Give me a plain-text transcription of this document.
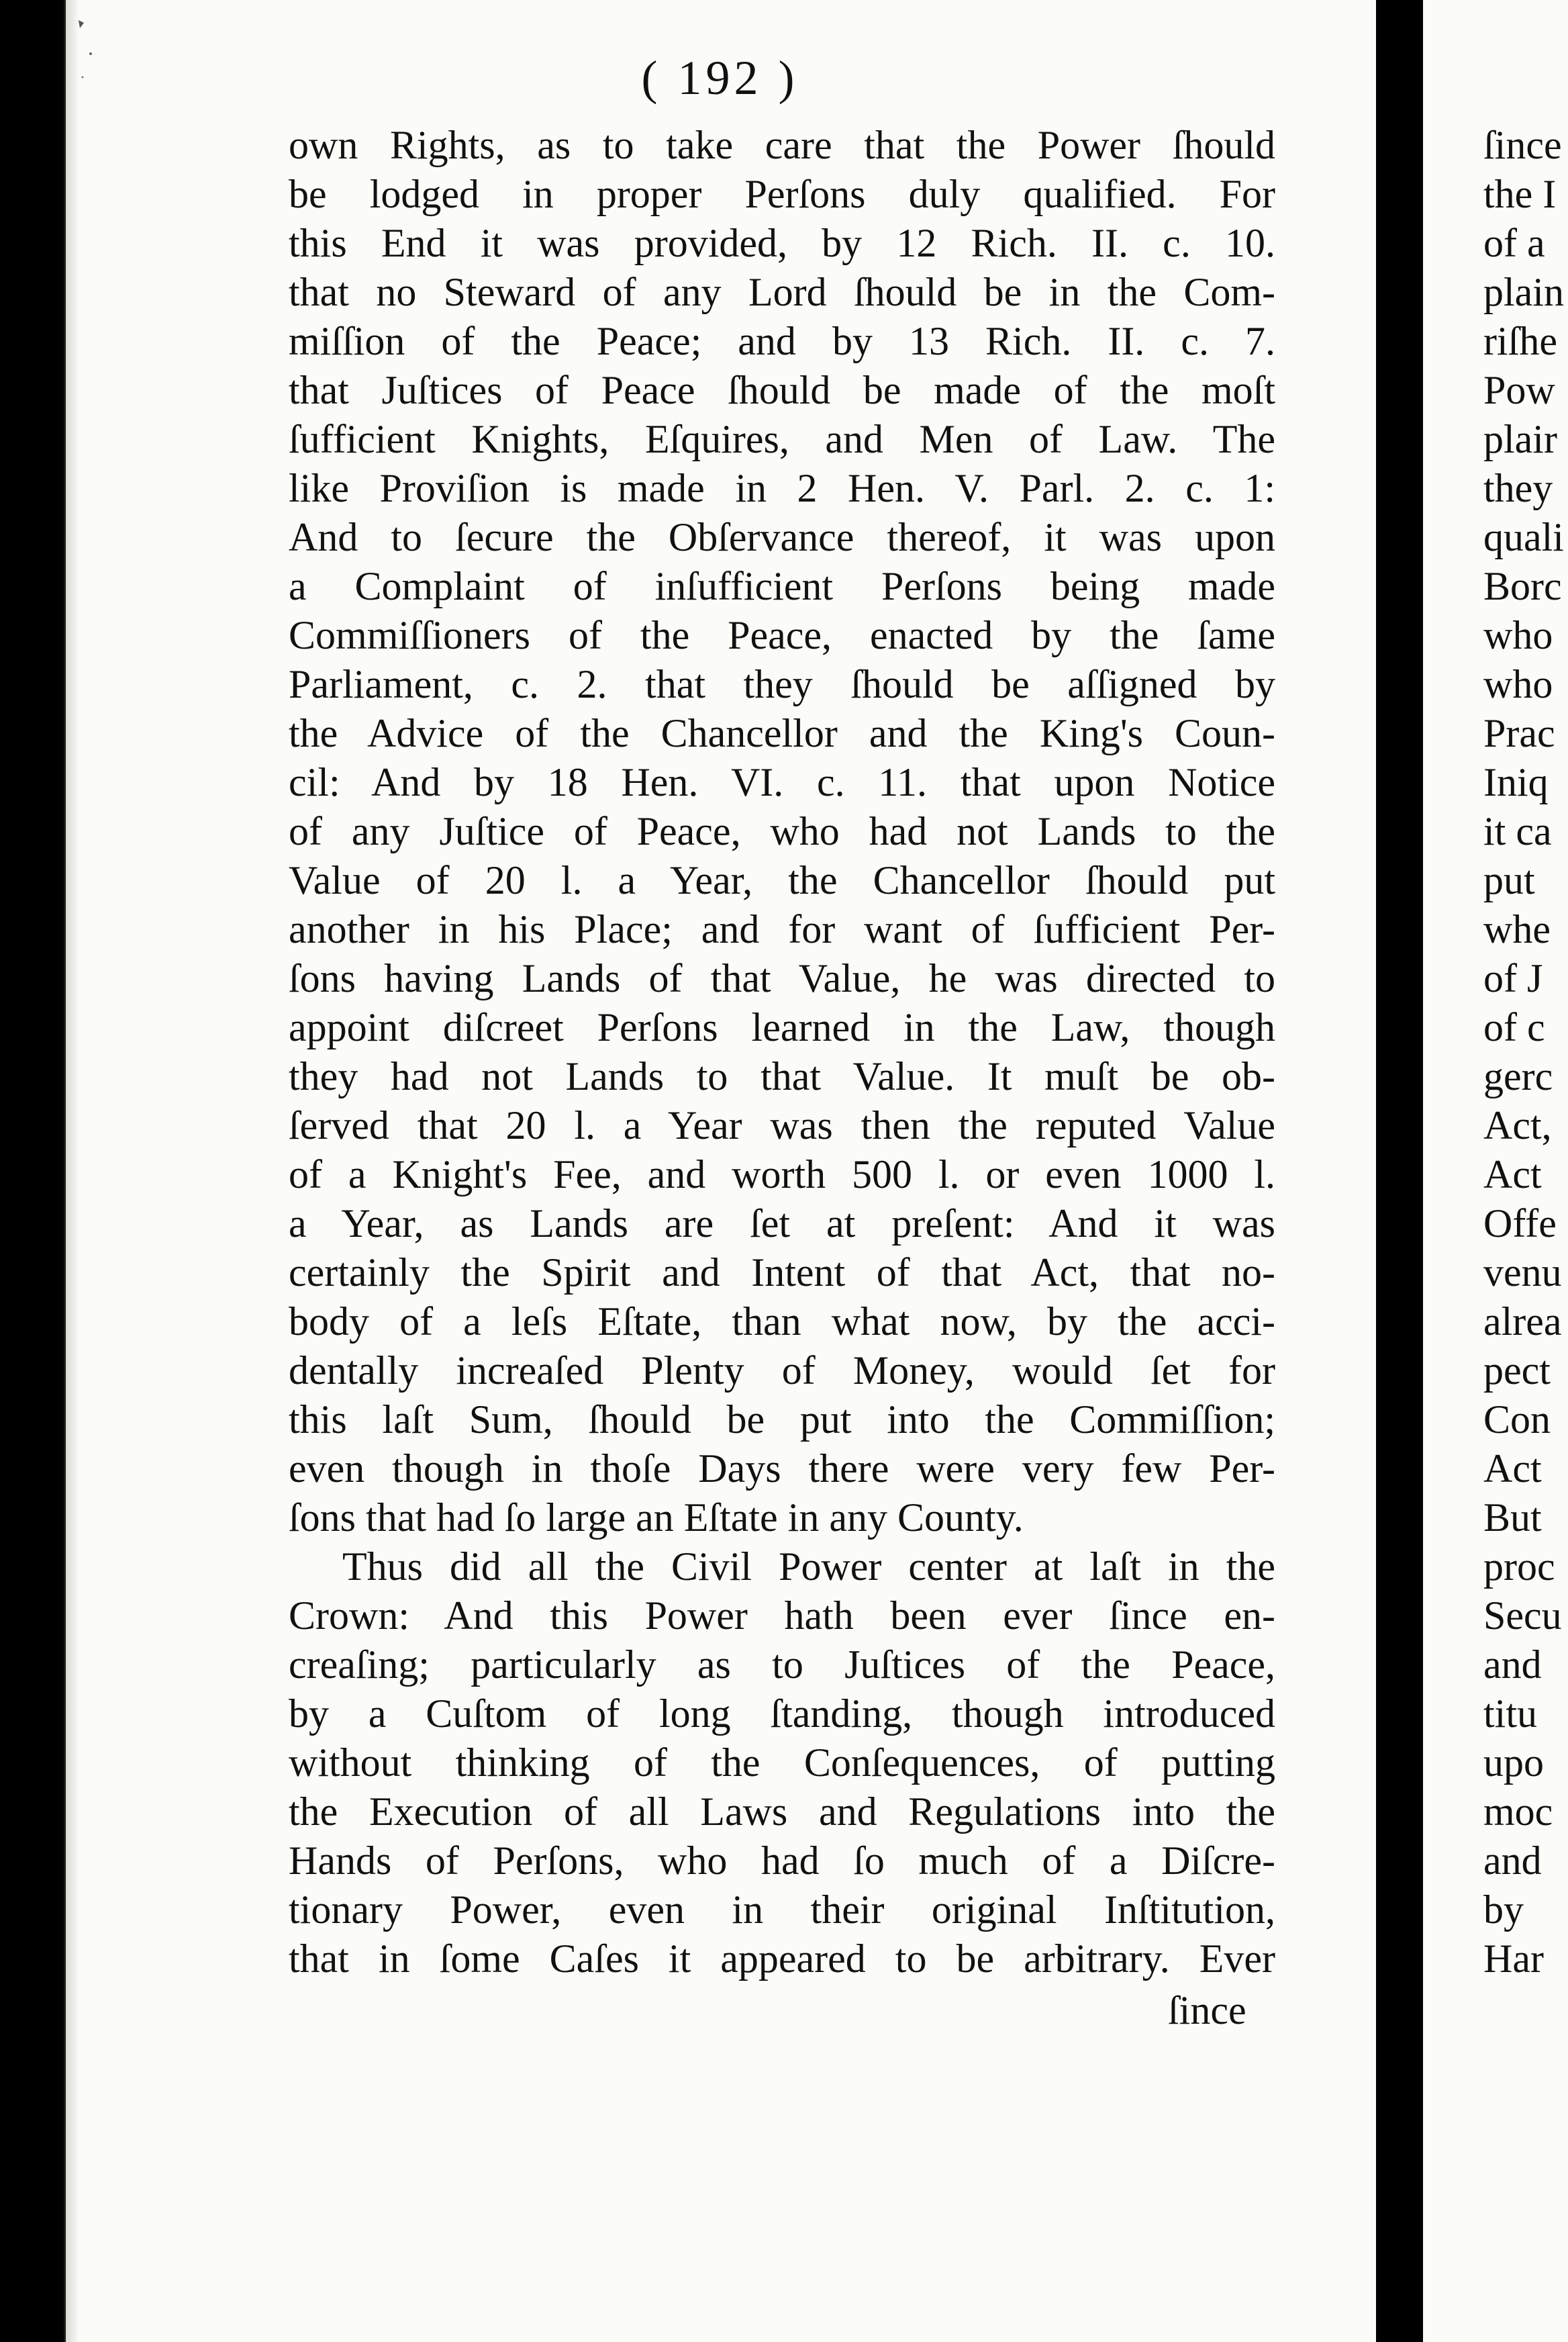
( 192 )

own Rights, as to take care that the Power ſhould
be lodged in proper Perſons duly qualified. For
this End it was provided, by 12 Rich. II. c. 10.
that no Steward of any Lord ſhould be in the Com-
miſſion of the Peace; and by 13 Rich. II. c. 7.
that Juſtices of Peace ſhould be made of the moſt
ſufficient Knights, Eſquires, and Men of Law. The
like Proviſion is made in 2 Hen. V. Parl. 2. c. 1:
And to ſecure the Obſervance thereof, it was upon
a Complaint of inſufficient Perſons being made
Commiſſioners of the Peace, enacted by the ſame
Parliament, c. 2. that they ſhould be aſſigned by
the Advice of the Chancellor and the King's Coun-
cil: And by 18 Hen. VI. c. 11. that upon Notice
of any Juſtice of Peace, who had not Lands to the
Value of 20 l. a Year, the Chancellor ſhould put
another in his Place; and for want of ſufficient Per-
ſons having Lands of that Value, he was directed to
appoint diſcreet Perſons learned in the Law, though
they had not Lands to that Value. It muſt be ob-
ſerved that 20 l. a Year was then the reputed Value
of a Knight's Fee, and worth 500 l. or even 1000 l.
a Year, as Lands are ſet at preſent: And it was
certainly the Spirit and Intent of that Act, that no-
body of a leſs Eſtate, than what now, by the acci-
dentally increaſed Plenty of Money, would ſet for
this laſt Sum, ſhould be put into the Commiſſion;
even though in thoſe Days there were very few Per-
ſons that had ſo large an Eſtate in any County.
Thus did all the Civil Power center at laſt in the
Crown: And this Power hath been ever ſince en-
creaſing; particularly as to Juſtices of the Peace,
by a Cuſtom of long ſtanding, though introduced
without thinking of the Conſequences, of putting
the Execution of all Laws and Regulations into the
Hands of Perſons, who had ſo much of a Diſcre-
tionary Power, even in their original Inſtitution,
that in ſome Caſes it appeared to be arbitrary. Ever
ſince
ſince
the I
of a
plain
riſhe
Pow
plair
they
quali
Borc
who
who
Prac
Iniq
it ca
put
whe
of J
of c
gerc
Act,
Act
Offe
venu
alrea
pect
Con
Act
But
proc
Secu
and
titu
upo
moc
and
by
Har
